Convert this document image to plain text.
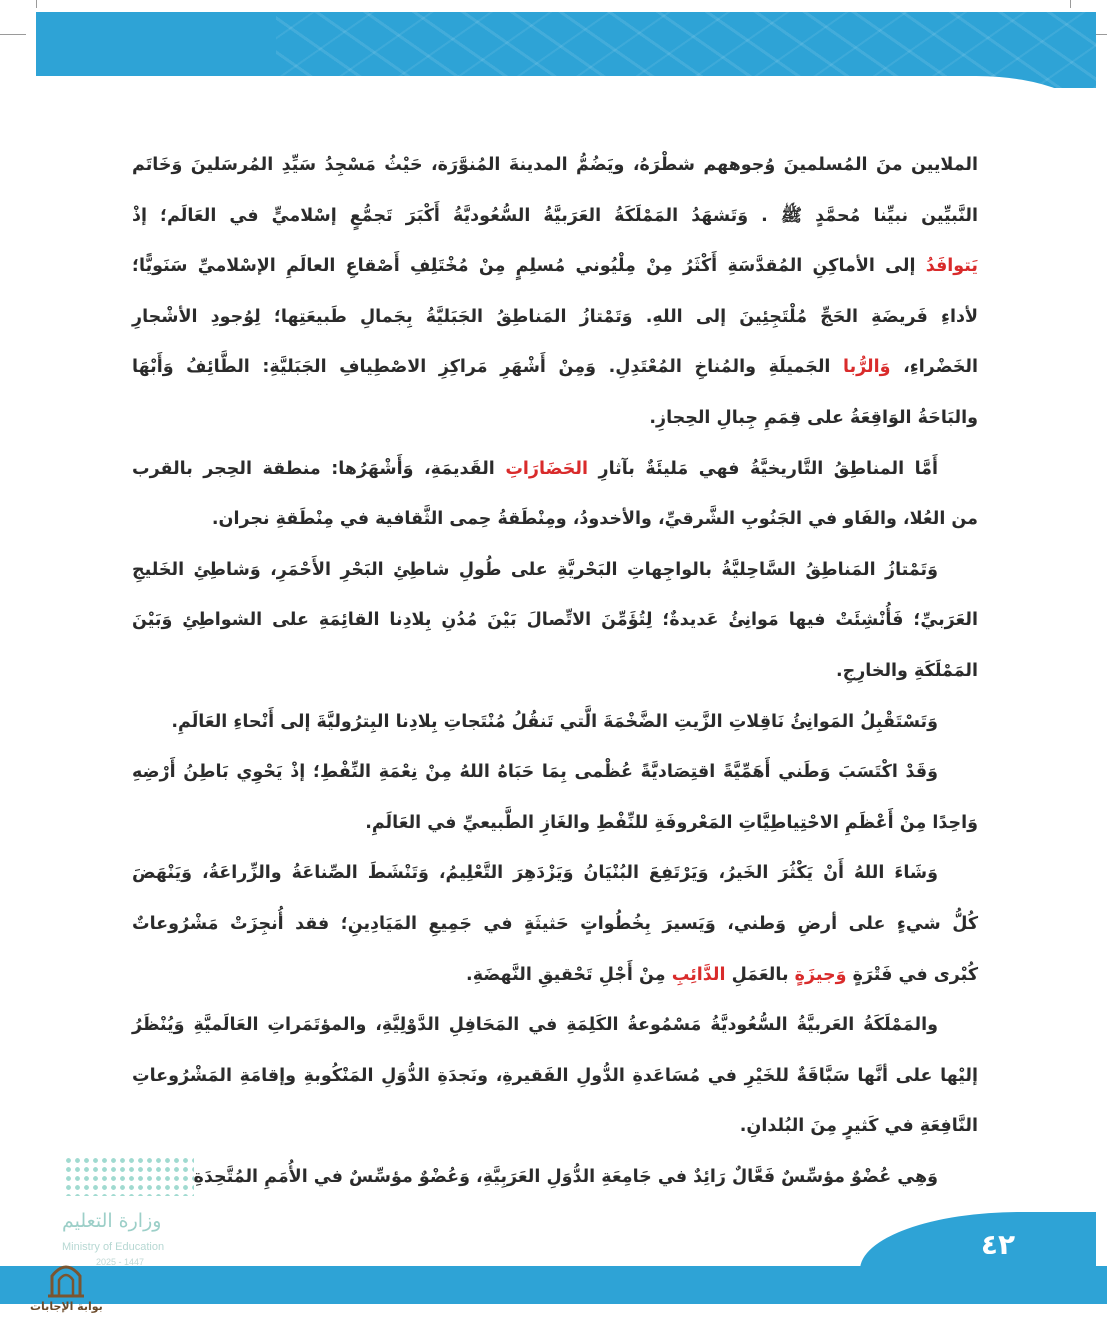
الملايين منَ المُسلمينَ وُجوههم شطْرَهُ، ويَضُمُّ المدينةَ المُنوَّرَة، حَيْثُ مَسْجِدُ سَيِّدِ المُرسَلينَ وَخَاتَم
النَّبيِّين نبيِّنا مُحمَّدٍ ﷺ . وَتَشهَدُ المَمْلَكَةُ العَرَبيَّةُ السُّعُوديَّةُ أَكْبَرَ تَجمُّعٍ إسْلاميٍّ في العَالَم؛ إذْ
يَتوافَدُ إلى الأماكِنِ المُقدَّسَةِ أَكْثَرُ مِنْ مِلْيُوني مُسلِمٍ مِنْ مُخْتَلِفِ أَصْقاعِ العالَمِ الإسْلاميِّ سَنَويًّا؛
لأداءِ فَريضَةِ الحَجِّ مُلْتَجِئِينَ إلى اللهِ. وَتَمْتازُ المَناطِقُ الجَبَليَّةُ بِجَمالِ طَبيعَتِها؛ لِوُجودِ الأشْجارِ
الخَضْراءِ، وَالرُّبا الجَميلَةِ والمُناخِ المُعْتَدِلِ. وَمِنْ أَشْهَرِ مَراكِزِ الاصْطِيافِ الجَبَليَّةِ: الطَّائِفُ وَأَبْهَا
والبَاحَةُ الوَاقِعَةُ على قِمَمِ جِبالِ الحِجازِ.
أَمَّا المناطِقُ التَّاريخيَّةُ فهي مَليئَةٌ بآثارِ الحَضَارَاتِ القَديمَةِ، وَأَشْهَرُها: منطقة الحِجر بالقرب
من العُلا، والفَاو في الجَنُوبِ الشَّرقيِّ، والأخدودُ، ومِنْطَقةُ حِمى الثَّقافية في مِنْطَقةِ نجران.
وَتَمْتازُ المَناطِقُ السَّاحِليَّةُ بالواجِهاتِ البَحْريَّةِ على طُولِ شاطِئِ البَحْرِ الأَحْمَرِ، وَشاطِئِ الخَليجِ
العَرَبيِّ؛ فَأُنْشِئَتْ فيها مَوانِئُ عَديدةٌ؛ لِتُؤَمِّنَ الاتِّصالَ بَيْنَ مُدُنِ بِلادِنا القائِمَةِ على الشواطِئِ وَبَيْنَ
المَمْلَكَةِ والخارِجِ.
وَتَسْتَقْبِلُ المَوانِئُ نَاقِلاتِ الزَّيتِ الضَّخْمَةَ الَّتي تَنقُلُ مُنْتَجاتِ بِلادِنا البِترُوليَّةَ إلى أَنْحاءِ العَالَمِ.
وَقَدْ اكْتَسَبَ وَطَني أَهَمِّيَّةً اقتِصَاديَّةً عُظْمى بِمَا حَبَاهُ اللهُ مِنْ نِعْمَةِ النِّفْطِ؛ إذْ يَحْوِي بَاطِنُ أَرْضِهِ
وَاحِدًا مِنْ أَعْظَمِ الاحْتِياطِيَّاتِ المَعْروفَةِ للنِّفْطِ والغَازِ الطَّبيعيِّ في العَالَمِ.
وَشَاءَ اللهُ أَنْ يَكْثُرَ الخَيرُ، وَيَرْتَفِعَ البُنْيَانُ وَيَزْدَهِرَ التَّعْلِيمُ، وَتَنْشَطَ الصِّناعَةُ والزِّراعَةُ، وَيَنْهَضَ
كُلُّ شيءٍ على أرضِ وَطني، وَيَسيرَ بِخُطُواتٍ حَثيثَةٍ في جَمِيعِ المَيَادِينِ؛ فقد أُنجِزَتْ مَشْرُوعاتٌ
كُبْرى في فَتْرَةٍ وَجيزَةٍ بالعَمَلِ الدَّائِبِ مِنْ أَجْلِ تَحْقيقِ النَّهضَةِ.
والمَمْلَكَةُ العَربيَّةُ السُّعُوديَّةُ مَسْمُوعةُ الكَلِمَةِ في المَحَافِلِ الدَّوْلِيَّةِ، والمؤتَمَراتِ العَالَميَّةِ وَيُنْظَرُ
إليْها على أنَّها سَبَّاقَةٌ للخَيْرِ في مُسَاعَدةِ الدُّولِ الفَقيرةِ، ونَجدَةِ الدُّوَلِ المَنْكُوبةِ وإقامَةِ المَشْرُوعاتِ
النَّافِعَةِ في كَثيرٍ مِنَ البُلدانِ.
وَهِي عُضْوٌ مؤسِّسٌ فَعَّالٌ رَائِدٌ في جَامِعَةِ الدُّوَلِ العَرَبِيَّةِ، وَعُضْوٌ مؤسِّسٌ في الأُمَمِ المُتَّحِدَةِ
٤٢
وزارة التعليم
Ministry of Education
2025 - 1447
بوابة الإجابات
